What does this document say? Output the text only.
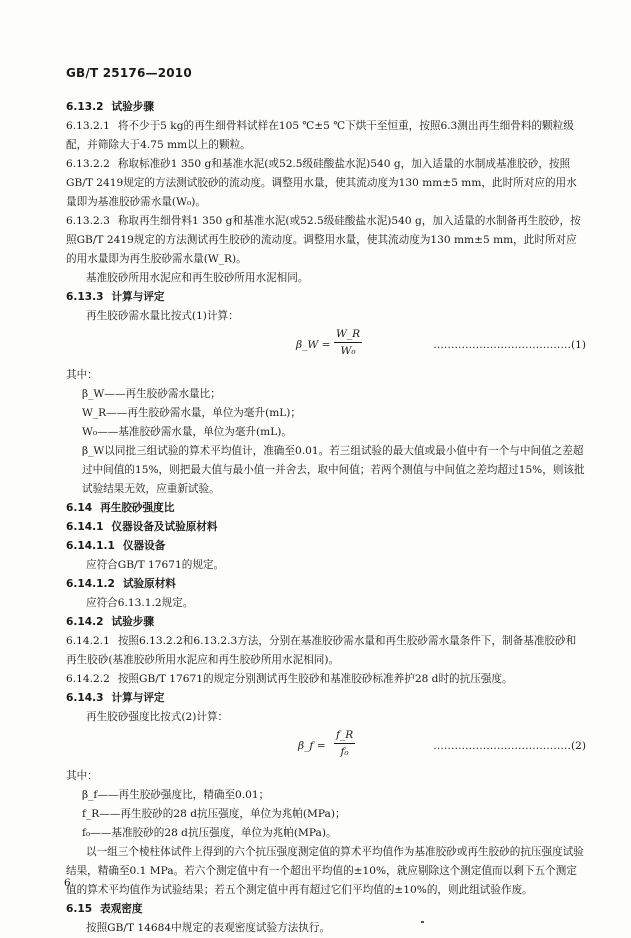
GB/T 25176—2010

6.13.2 试验步骤

6.13.2.1 将不少于5 kg的再生细骨料试样在105 ℃±5 ℃下烘干至恒重，按照6.3测出再生细骨料的颗粒级配，并筛除大于4.75 mm以上的颗粒。

6.13.2.2 称取标准砂1 350 g和基准水泥(或52.5级硅酸盐水泥)540 g，加入适量的水制成基准胶砂，按照GB/T 2419规定的方法测试胶砂的流动度。调整用水量，使其流动度为130 mm±5 mm，此时所对应的用水量即为基准胶砂需水量(W₀)。

6.13.2.3 称取再生细骨料1 350 g和基准水泥(或52.5级硅酸盐水泥)540 g，加入适量的水制备再生胶砂，按照GB/T 2419规定的方法测试再生胶砂的流动度。调整用水量，使其流动度为130 mm±5 mm，此时所对应的用水量即为再生胶砂需水量(W_R)。

基准胶砂所用水泥应和再生胶砂所用水泥相同。

6.13.3 计算与评定

再生胶砂需水量比按式(1)计算：

β_W = $\frac{W\_R}{\text{W₀}}$	…………………………………(1)

其中：

β_W——再生胶砂需水量比；

W_R——再生胶砂需水量，单位为毫升(mL)；

W₀——基准胶砂需水量，单位为毫升(mL)。

β_W以同批三组试验的算术平均值计，准确至0.01。若三组试验的最大值或最小值中有一个与中间值之差超过中间值的15%，则把最大值与最小值一并舍去，取中间值；若两个测值与中间值之差均超过15%，则该批试验结果无效，应重新试验。

6.14 再生胶砂强度比

6.14.1 仪器设备及试验原材料

6.14.1.1 仪器设备

应符合GB/T 17671的规定。

6.14.1.2 试验原材料

应符合6.13.1.2规定。

6.14.2 试验步骤

6.14.2.1 按照6.13.2.2和6.13.2.3方法，分别在基准胶砂需水量和再生胶砂需水量条件下，制备基准胶砂和再生胶砂(基准胶砂所用水泥应和再生胶砂所用水泥相同)。

6.14.2.2 按照GB/T 17671的规定分别测试再生胶砂和基准胶砂标准养护28 d时的抗压强度。

6.14.3 计算与评定

再生胶砂强度比按式(2)计算：

β_f = $\frac{f\_R}{\text{f₀}}$	…………………………………(2)

其中：

β_f——再生胶砂强度比，精确至0.01；

f_R——再生胶砂的28 d抗压强度，单位为兆帕(MPa)；

f₀——基准胶砂的28 d抗压强度，单位为兆帕(MPa)。

以一组三个棱柱体试件上得到的六个抗压强度测定值的算术平均值作为基准胶砂或再生胶砂的抗压强度试验结果，精确至0.1 MPa。若六个测定值中有一个超出平均值的±10%，就应剔除这个测定值而以剩下五个测定值的算术平均值作为试验结果；若五个测定值中再有超过它们平均值的±10%的，则此组试验作废。

6.15 表观密度

按照GB/T 14684中规定的表观密度试验方法执行。

6
